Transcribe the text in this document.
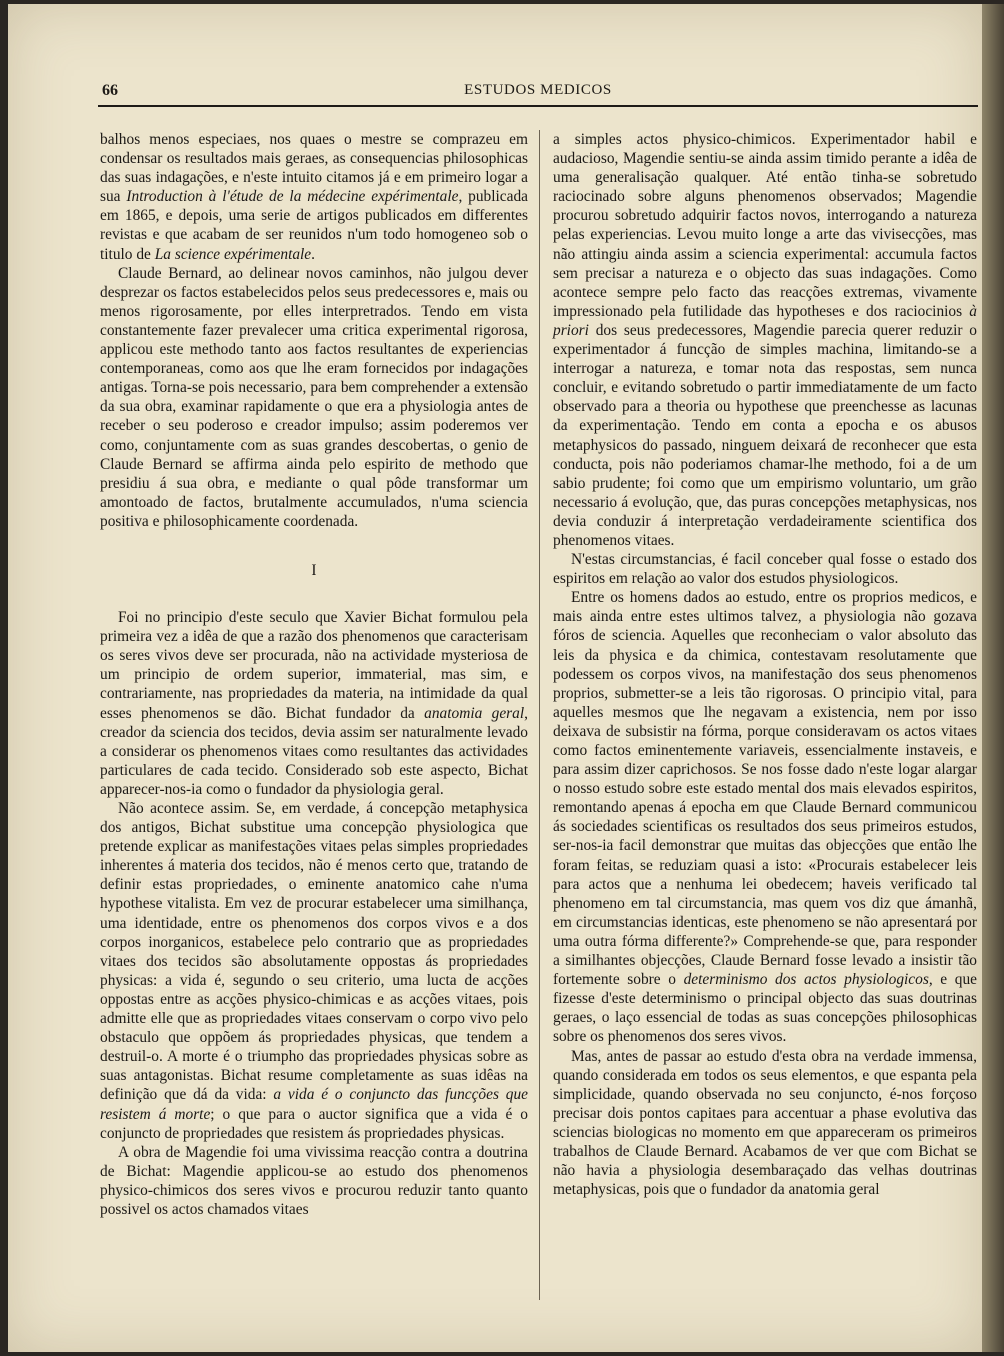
66	ESTUDOS MEDICOS

balhos menos especiaes, nos quaes o mestre se comprazeu em condensar os resultados mais geraes, as consequencias philosophicas das suas indagações, e n'este intuito citamos já e em primeiro logar a sua Introduction à l'étude de la médecine expérimentale, publicada em 1865, e depois, uma serie de artigos publicados em differentes revistas e que acabam de ser reunidos n'um todo homogeneo sob o titulo de La science expérimentale.

Claude Bernard, ao delinear novos caminhos, não julgou dever desprezar os factos estabelecidos pelos seus predecessores e, mais ou menos rigorosamente, por elles interpretrados. Tendo em vista constantemente fazer prevalecer uma critica experimental rigorosa, applicou este methodo tanto aos factos resultantes de experiencias contemporaneas, como aos que lhe eram fornecidos por indagações antigas. Torna-se pois necessario, para bem comprehender a extensão da sua obra, examinar rapidamente o que era a physiologia antes de receber o seu poderoso e creador impulso; assim poderemos ver como, conjuntamente com as suas grandes descobertas, o genio de Claude Bernard se affirma ainda pelo espirito de methodo que presidiu á sua obra, e mediante o qual pôde transformar um amontoado de factos, brutalmente accumulados, n'uma sciencia positiva e philosophicamente coordenada.

I

Foi no principio d'este seculo que Xavier Bichat formulou pela primeira vez a idêa de que a razão dos phenomenos que caracterisam os seres vivos deve ser procurada, não na actividade mysteriosa de um principio de ordem superior, immaterial, mas sim, e contrariamente, nas propriedades da materia, na intimidade da qual esses phenomenos se dão. Bichat fundador da anatomia geral, creador da sciencia dos tecidos, devia assim ser naturalmente levado a considerar os phenomenos vitaes como resultantes das actividades particulares de cada tecido. Considerado sob este aspecto, Bichat apparecer-nos-ia como o fundador da physiologia geral.

Não acontece assim. Se, em verdade, á concepção metaphysica dos antigos, Bichat substitue uma concepção physiologica que pretende explicar as manifestações vitaes pelas simples propriedades inherentes á materia dos tecidos, não é menos certo que, tratando de definir estas propriedades, o eminente anatomico cahe n'uma hypothese vitalista. Em vez de procurar estabelecer uma similhança, uma identidade, entre os phenomenos dos corpos vivos e a dos corpos inorganicos, estabelece pelo contrario que as propriedades vitaes dos tecidos são absolutamente oppostas ás propriedades physicas: a vida é, segundo o seu criterio, uma lucta de acções oppostas entre as acções physico-chimicas e as acções vitaes, pois admitte elle que as propriedades vitaes conservam o corpo vivo pelo obstaculo que oppõem ás propriedades physicas, que tendem a destruil-o. A morte é o triumpho das propriedades physicas sobre as suas antagonistas. Bichat resume completamente as suas idêas na definição que dá da vida: a vida é o conjuncto das funcções que resistem á morte; o que para o auctor significa que a vida é o conjuncto de propriedades que resistem ás propriedades physicas.

A obra de Magendie foi uma vivissima reacção contra a doutrina de Bichat: Magendie applicou-se ao estudo dos phenomenos physico-chimicos dos seres vivos e procurou reduzir tanto quanto possivel os actos chamados vitaes

a simples actos physico-chimicos. Experimentador habil e audacioso, Magendie sentiu-se ainda assim timido perante a idêa de uma generalisação qualquer. Até então tinha-se sobretudo raciocinado sobre alguns phenomenos observados; Magendie procurou sobretudo adquirir factos novos, interrogando a natureza pelas experiencias. Levou muito longe a arte das vivisecções, mas não attingiu ainda assim a sciencia experimental: accumula factos sem precisar a natureza e o objecto das suas indagações. Como acontece sempre pelo facto das reacções extremas, vivamente impressionado pela futilidade das hypotheses e dos raciocinios à priori dos seus predecessores, Magendie parecia querer reduzir o experimentador á funcção de simples machina, limitando-se a interrogar a natureza, e tomar nota das respostas, sem nunca concluir, e evitando sobretudo o partir immediatamente de um facto observado para a theoria ou hypothese que preenchesse as lacunas da experimentação. Tendo em conta a epocha e os abusos metaphysicos do passado, ninguem deixará de reconhecer que esta conducta, pois não poderiamos chamar-lhe methodo, foi a de um sabio prudente; foi como que um empirismo voluntario, um grão necessario á evolução, que, das puras concepções metaphysicas, nos devia conduzir á interpretação verdadeiramente scientifica dos phenomenos vitaes.

N'estas circumstancias, é facil conceber qual fosse o estado dos espiritos em relação ao valor dos estudos physiologicos.

Entre os homens dados ao estudo, entre os proprios medicos, e mais ainda entre estes ultimos talvez, a physiologia não gozava fóros de sciencia. Aquelles que reconheciam o valor absoluto das leis da physica e da chimica, contestavam resolutamente que podessem os corpos vivos, na manifestação dos seus phenomenos proprios, submetter-se a leis tão rigorosas. O principio vital, para aquelles mesmos que lhe negavam a existencia, nem por isso deixava de subsistir na fórma, porque consideravam os actos vitaes como factos eminentemente variaveis, essencialmente instaveis, e para assim dizer caprichosos. Se nos fosse dado n'este logar alargar o nosso estudo sobre este estado mental dos mais elevados espiritos, remontando apenas á epocha em que Claude Bernard communicou ás sociedades scientificas os resultados dos seus primeiros estudos, ser-nos-ia facil demonstrar que muitas das objecções que então lhe foram feitas, se reduziam quasi a isto: «Procurais estabelecer leis para actos que a nenhuma lei obedecem; haveis verificado tal phenomeno em tal circumstancia, mas quem vos diz que ámanhã, em circumstancias identicas, este phenomeno se não apresentará por uma outra fórma differente?» Comprehende-se que, para responder a similhantes objecções, Claude Bernard fosse levado a insistir tão fortemente sobre o determinismo dos actos physiologicos, e que fizesse d'este determinismo o principal objecto das suas doutrinas geraes, o laço essencial de todas as suas concepções philosophicas sobre os phenomenos dos seres vivos.

Mas, antes de passar ao estudo d'esta obra na verdade immensa, quando considerada em todos os seus elementos, e que espanta pela simplicidade, quando observada no seu conjuncto, é-nos forçoso precisar dois pontos capitaes para accentuar a phase evolutiva das sciencias biologicas no momento em que appareceram os primeiros trabalhos de Claude Bernard. Acabamos de ver que com Bichat se não havia a physiologia desembaraçado das velhas doutrinas metaphysicas, pois que o fundador da anatomia geral
